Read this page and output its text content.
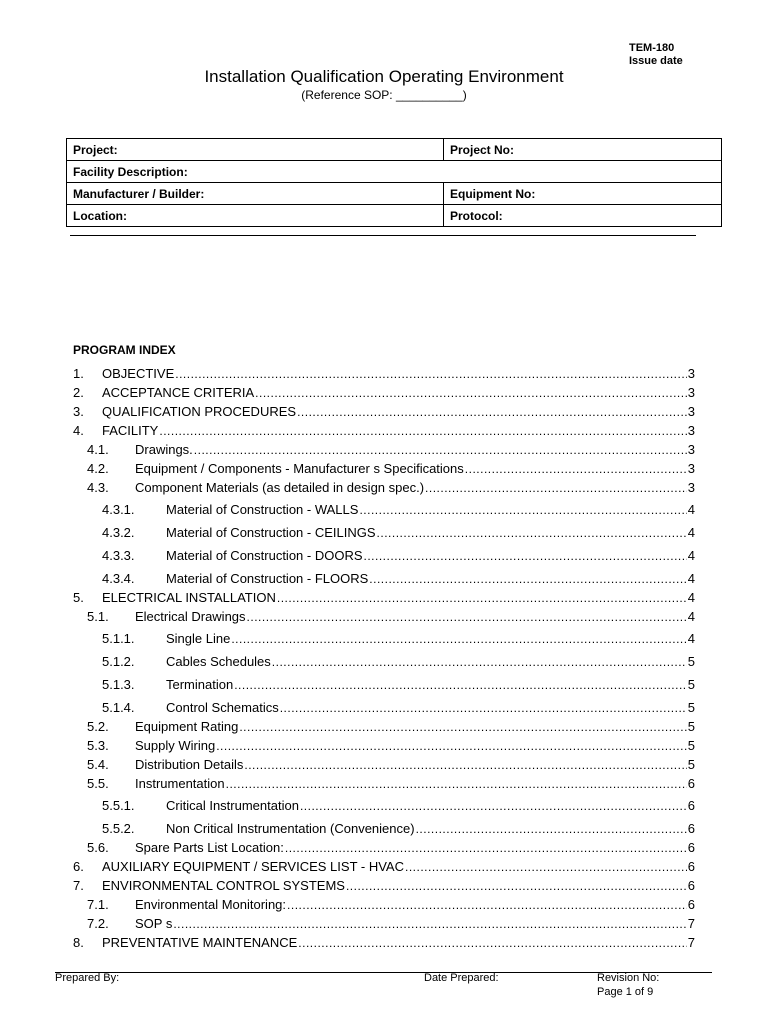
TEM-180
Issue date
Installation Qualification Operating Environment
(Reference SOP: __________)
Project:	Project No:
Facility Description:	
Manufacturer / Builder:	Equipment No:
Location:	Protocol:
PROGRAM INDEX
1.	OBJECTIVE .....	3
2.	ACCEPTANCE CRITERIA .....	3
3.	QUALIFICATION PROCEDURES .....	3
4.	FACILITY .....	3
4.1.	Drawings. .....	3
4.2.	Equipment / Components - Manufacturer s Specifications .....	3
4.3.	Component Materials (as detailed in design spec.) .....	3
4.3.1.	Material of Construction - WALLS .....	4
4.3.2.	Material of Construction - CEILINGS .....	4
4.3.3.	Material of Construction - DOORS .....	4
4.3.4.	Material of Construction - FLOORS .....	4
5.	ELECTRICAL INSTALLATION .....	4
5.1.	Electrical Drawings .....	4
5.1.1.	Single Line .....	4
5.1.2.	Cables Schedules .....	5
5.1.3.	Termination .....	5
5.1.4.	Control Schematics .....	5
5.2.	Equipment Rating .....	5
5.3.	Supply Wiring .....	5
5.4.	Distribution Details .....	5
5.5.	Instrumentation .....	6
5.5.1.	Critical Instrumentation .....	6
5.5.2.	Non Critical Instrumentation (Convenience) .....	6
5.6.	Spare Parts List Location: .....	6
6.	AUXILIARY EQUIPMENT / SERVICES LIST - HVAC .....	6
7.	ENVIRONMENTAL CONTROL SYSTEMS .....	6
7.1.	Environmental Monitoring: .....	6
7.2.	SOP s .....	7
8.	PREVENTATIVE MAINTENANCE .....	7
Prepared By:	Date Prepared:	Revision No:
Page 1 of 9
